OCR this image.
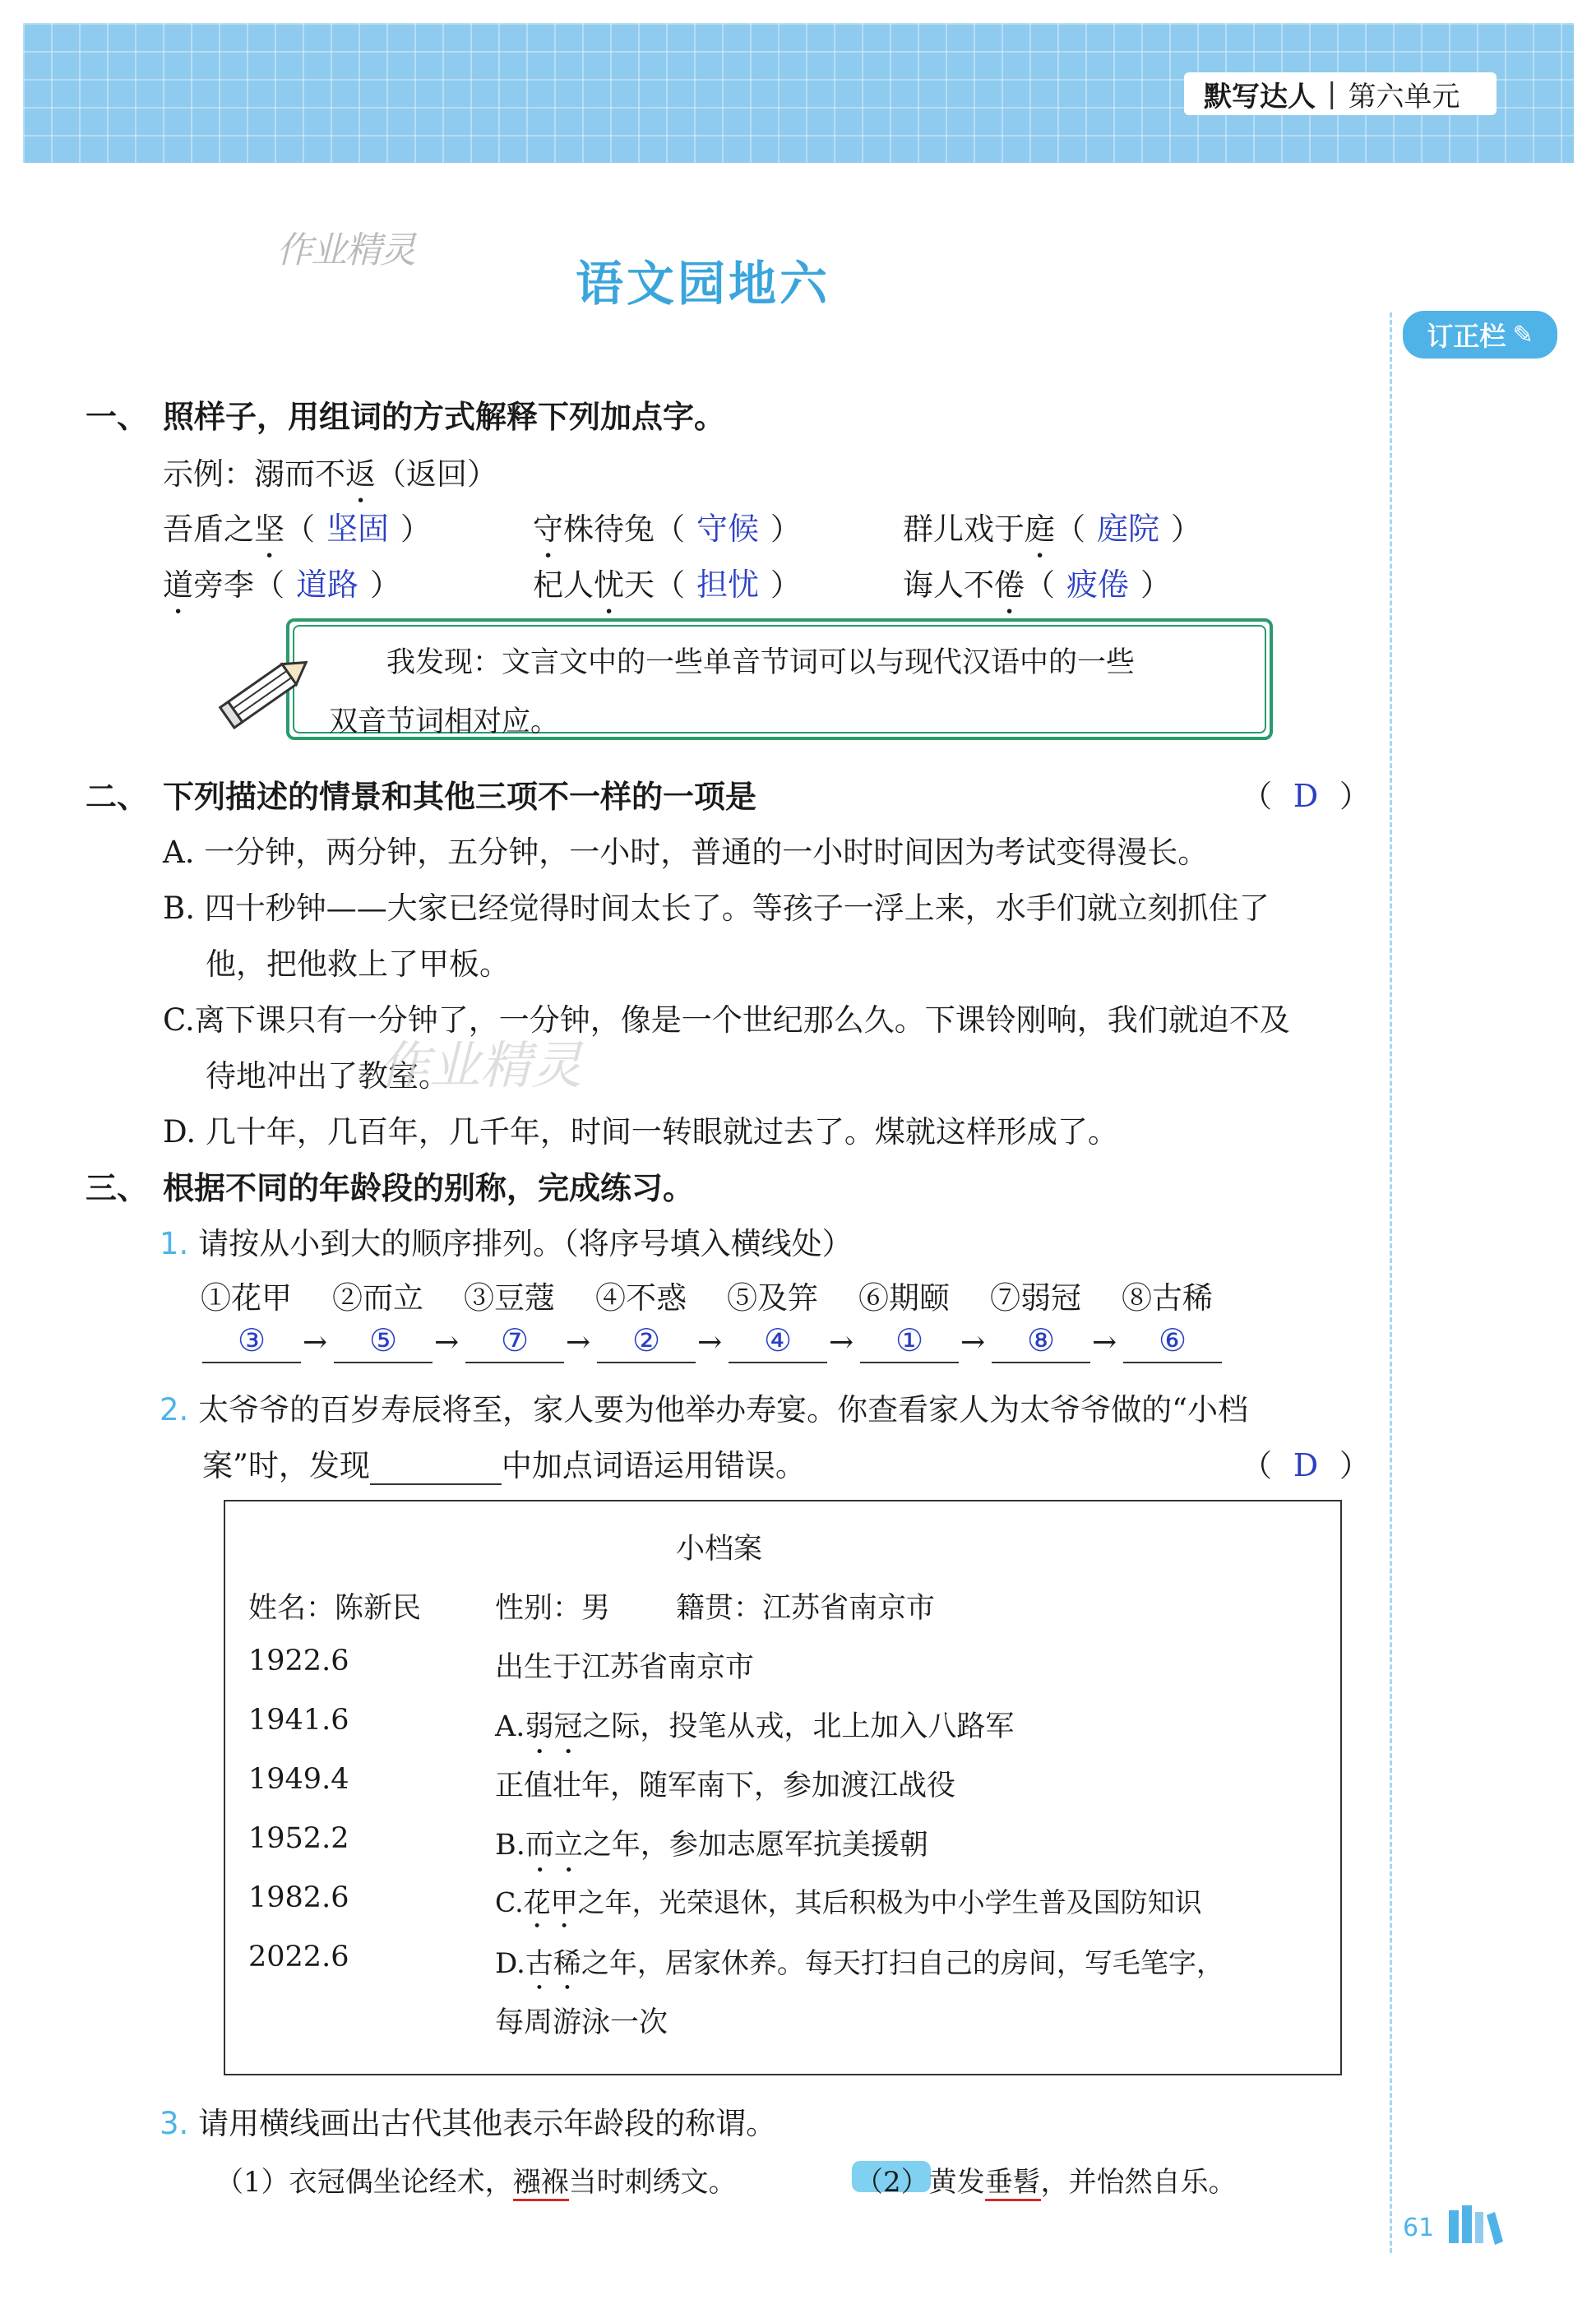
默写达人 | 第六单元
订正栏 ✎
作业精灵
语文园地六
一、 照样子，用组词的方式解释下列加点字。
示例：溺而不返（返回）
吾盾之坚（ 坚固 ）	守株待兔（ 守候 ）	群儿戏于庭（ 庭院 ）
道旁李（ 道路 ）	杞人忧天（ 担忧 ）	诲人不倦（ 疲倦 ）
我发现：文言文中的一些单音节词可以与现代汉语中的一些
双音节词相对应。
二、 下列描述的情景和其他三项不一样的一项是	（ D ）
A. 一分钟，两分钟，五分钟，一小时，普通的一小时时间因为考试变得漫长。
B. 四十秒钟——大家已经觉得时间太长了。等孩子一浮上来，水手们就立刻抓住了
他，把他救上了甲板。
C.离下课只有一分钟了，一分钟，像是一个世纪那么久。下课铃刚响，我们就迫不及
待地冲出了教室。
D. 几十年，几百年，几千年，时间一转眼就过去了。煤就这样形成了。
作业精灵
三、 根据不同的年龄段的别称，完成练习。
1. 请按从小到大的顺序排列。（将序号填入横线处）
①花甲 ②而立 ③豆蔻 ④不惑 ⑤及笄 ⑥期颐 ⑦弱冠 ⑧古稀
③	→	⑤	→	⑦	→	②	→	④	→	①	→	⑧	→	⑥
2. 太爷爷的百岁寿辰将至，家人要为他举办寿宴。你查看家人为太爷爷做的“小档
案”时，发现	中加点词语运用错误。	（ D ）
小档案
姓名：陈新民	性别：男 籍贯：江苏省南京市
1922.6	出生于江苏省南京市
1941.6	A.弱冠之际，投笔从戎，北上加入八路军
1949.4	正值壮年，随军南下，参加渡江战役
1952.2	B.而立之年，参加志愿军抗美援朝
1982.6	C.花甲之年，光荣退休，其后积极为中小学生普及国防知识
2022.6	D.古稀之年，居家休养。每天打扫自己的房间，写毛笔字，
每周游泳一次
3. 请用横线画出古代其他表示年龄段的称谓。
（1）衣冠偶坐论经术，襁褓当时刺绣文。	（2）黄发垂髫，并怡然自乐。
61
